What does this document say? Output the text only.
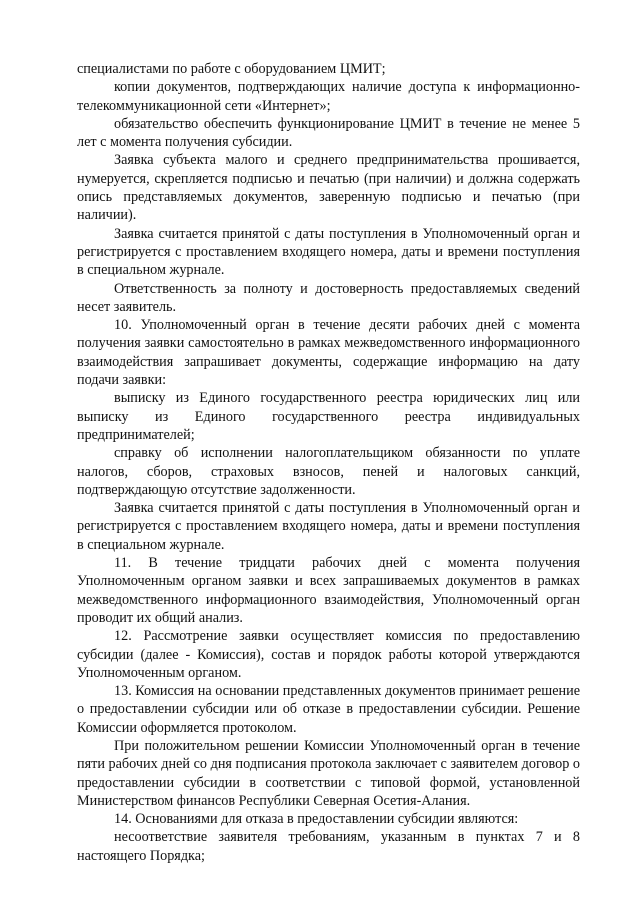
специалистами по работе с оборудованием ЦМИТ;

копии документов, подтверждающих наличие доступа к информационно-телекоммуникационной сети «Интернет»;

обязательство обеспечить функционирование ЦМИТ в течение не менее 5 лет с момента получения субсидии.

Заявка субъекта малого и среднего предпринимательства прошивается, нумеруется, скрепляется подписью и печатью (при наличии) и должна содержать опись представляемых документов, заверенную подписью и печатью (при наличии).

Заявка считается принятой с даты поступления в Уполномоченный орган и регистрируется с проставлением входящего номера, даты и времени поступления в специальном журнале.

Ответственность за полноту и достоверность предоставляемых сведений несет заявитель.

10. Уполномоченный орган в течение десяти рабочих дней с момента получения заявки самостоятельно в рамках межведомственного информационного взаимодействия запрашивает документы, содержащие информацию на дату подачи заявки:

выписку из Единого государственного реестра юридических лиц или выписку из Единого государственного реестра индивидуальных предпринимателей;

справку об исполнении налогоплательщиком обязанности по уплате налогов, сборов, страховых взносов, пеней и налоговых санкций, подтверждающую отсутствие задолженности.

Заявка считается принятой с даты поступления в Уполномоченный орган и регистрируется с проставлением входящего номера, даты и времени поступления в специальном журнале.

11. В течение тридцати рабочих дней с момента получения Уполномоченным органом заявки и всех запрашиваемых документов в рамках межведомственного информационного взаимодействия, Уполномоченный орган проводит их общий анализ.

12. Рассмотрение заявки осуществляет комиссия по предоставлению субсидии (далее - Комиссия), состав и порядок работы которой утверждаются Уполномоченным органом.

13. Комиссия на основании представленных документов принимает решение о предоставлении субсидии или об отказе в предоставлении субсидии. Решение Комиссии оформляется протоколом.

При положительном решении Комиссии Уполномоченный орган в течение пяти рабочих дней со дня подписания протокола заключает с заявителем договор о предоставлении субсидии в соответствии с типовой формой, установленной Министерством финансов Республики Северная Осетия-Алания.

14. Основаниями для отказа в предоставлении субсидии являются:

несоответствие заявителя требованиям, указанным в пунктах 7 и 8 настоящего Порядка;
